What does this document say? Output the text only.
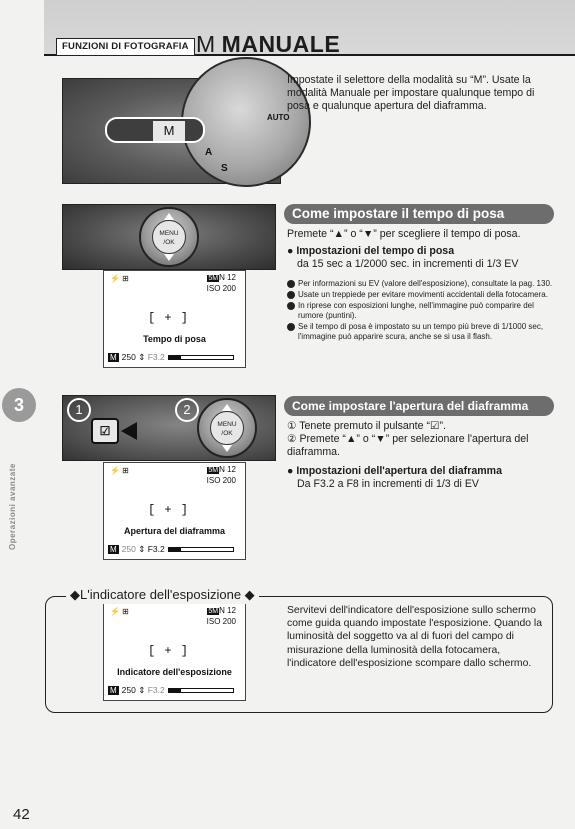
FUNZIONI DI FOTOGRAFIA M MANUALE
3
Operazioni avanzate
A
S
AUTO
M
MENU
/OK
⚡ ⊞	5MN 12
ISO 200
[ + ]
Tempo di posa
M 250 ⇕ F3.2
1
☑
2
MENU
/OK
⚡ ⊞	5MN 12
ISO 200
[ + ]
Apertura del diaframma
M 250 ⇕ F3.2
⚡ ⊞	5MN 12
ISO 200
[ + ]
Indicatore dell'esposizione
M 250 ⇕ F3.2
Impostate il selettore della modalità su “M”. Usate la modalità Manuale per impostare qualunque tempo di posa e qualunque apertura del diaframma.
Come impostare il tempo di posa
Premete “▲” o “▼” per scegliere il tempo di posa.
● Impostazioni del tempo di posa
da 15 sec a 1/2000 sec. in incrementi di 1/3 EV
Per informazioni su EV (valore dell'esposizione), consultate la pag. 130.
Usate un treppiede per evitare movimenti accidentali della fotocamera.
In riprese con esposizioni lunghe, nell'immagine può comparire del rumore (puntini).
Se il tempo di posa è impostato su un tempo più breve di 1/1000 sec, l'immagine può apparire scura, anche se si usa il flash.
Come impostare l'apertura del diaframma
① Tenete premuto il pulsante “☑”.
② Premete “▲” o “▼” per selezionare l'apertura del diaframma.
● Impostazioni dell'apertura del diaframma
Da F3.2 a F8 in incrementi di 1/3 di EV
◆L'indicatore dell'esposizione ◆
Servitevi dell'indicatore dell'esposizione sullo schermo come guida quando impostate l'esposizione. Quando la luminosità del soggetto va al di fuori del campo di misurazione della luminosità della fotocamera, l'indicatore dell'esposizione scompare dallo schermo.
42
